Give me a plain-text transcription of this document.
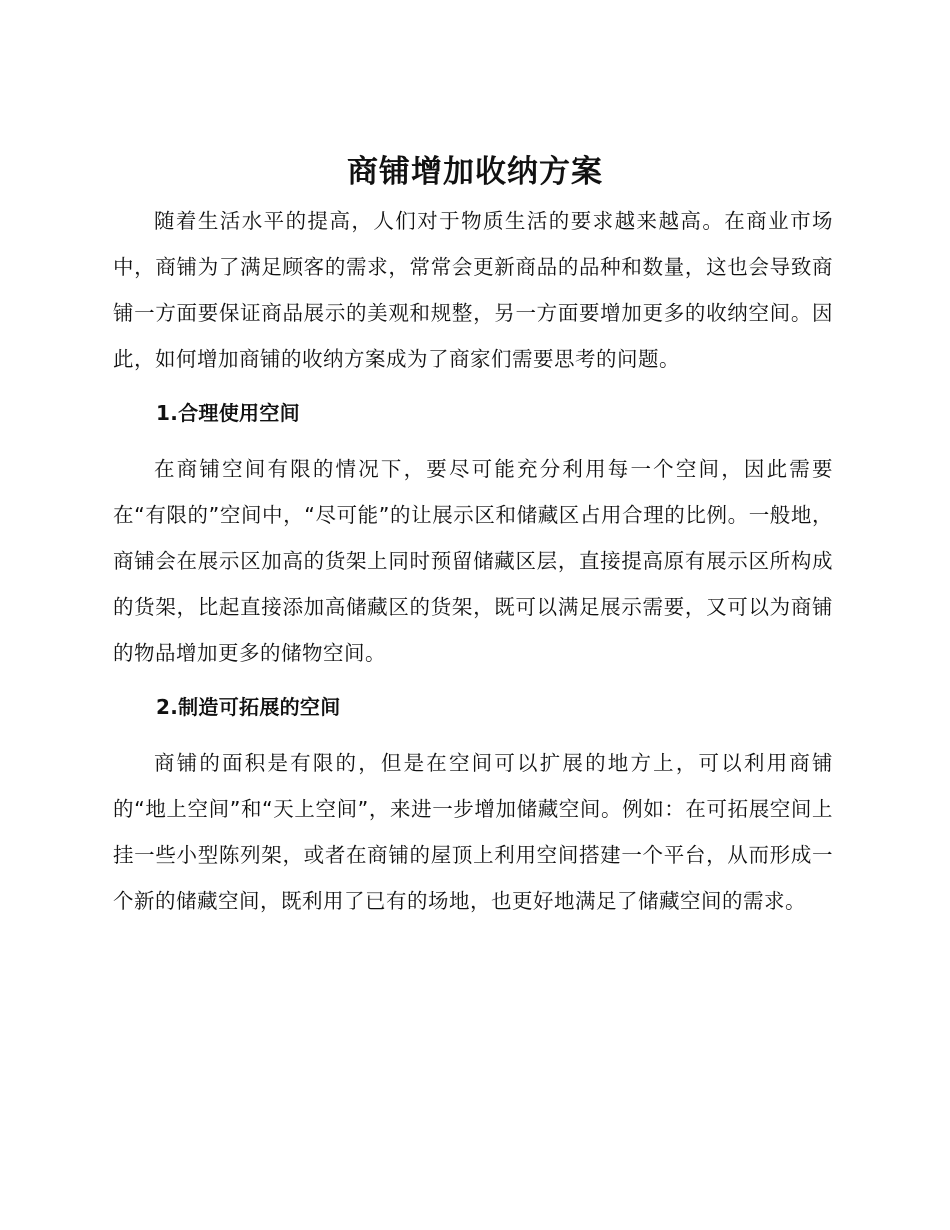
商铺增加收纳方案

随着生活水平的提高，人们对于物质生活的要求越来越高。在商业市场中，商铺为了满足顾客的需求，常常会更新商品的品种和数量，这也会导致商铺一方面要保证商品展示的美观和规整，另一方面要增加更多的收纳空间。因此，如何增加商铺的收纳方案成为了商家们需要思考的问题。

1.合理使用空间

在商铺空间有限的情况下，要尽可能充分利用每一个空间，因此需要在“有限的”空间中，“尽可能”的让展示区和储藏区占用合理的比例。一般地，商铺会在展示区加高的货架上同时预留储藏区层，直接提高原有展示区所构成的货架，比起直接添加高储藏区的货架，既可以满足展示需要，又可以为商铺的物品增加更多的储物空间。

2.制造可拓展的空间

商铺的面积是有限的，但是在空间可以扩展的地方上，可以利用商铺的“地上空间”和“天上空间”，来进一步增加储藏空间。例如：在可拓展空间上挂一些小型陈列架，或者在商铺的屋顶上利用空间搭建一个平台，从而形成一个新的储藏空间，既利用了已有的场地，也更好地满足了储藏空间的需求。
